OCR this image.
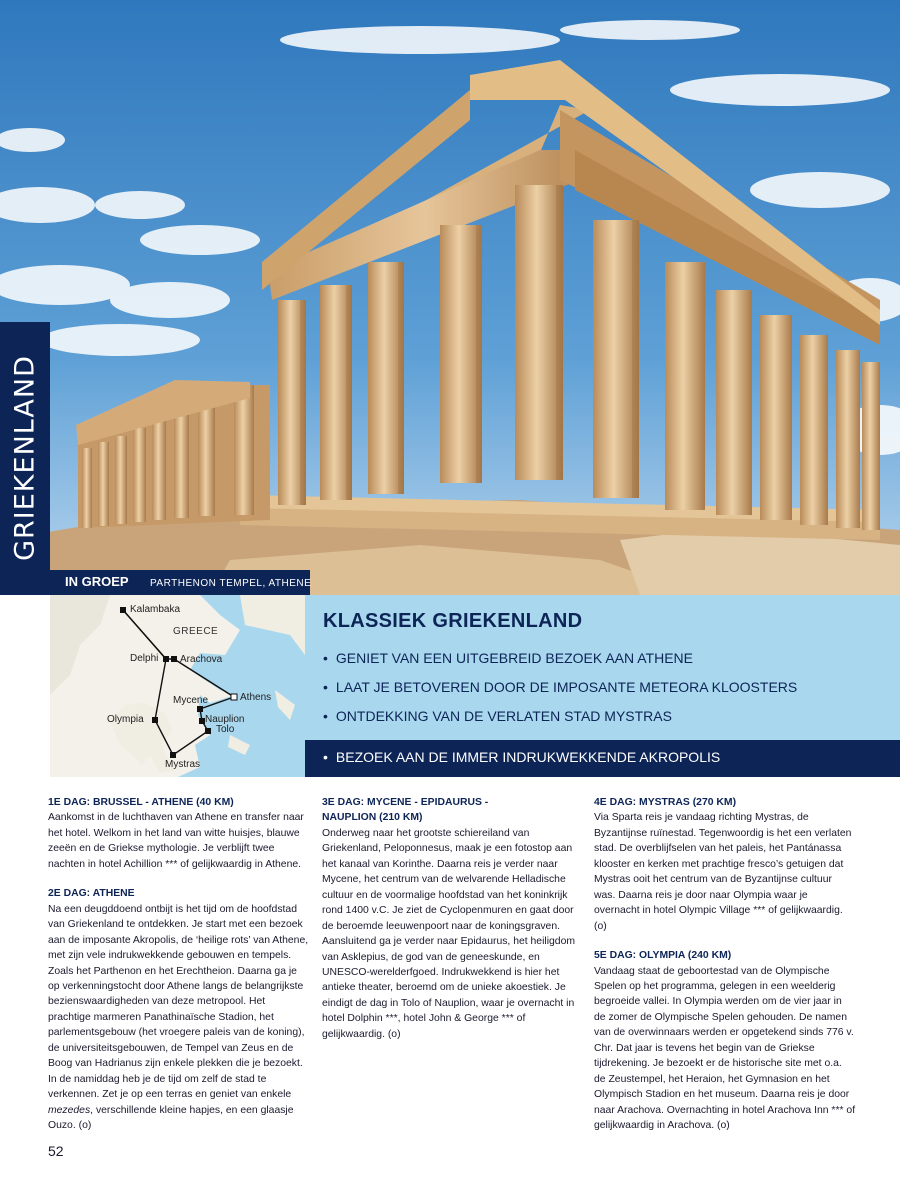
GRIEKENLAND
IN GROEP PARTHENON TEMPEL, ATHENE
Kalambaka
GREECE
Delphi Arachova
Athens
Mycene
Nauplion
Tolo
Olympia
Mystras
KLASSIEK GRIEKENLAND
• GENIET VAN EEN UITGEBREID BEZOEK AAN ATHENE
• LAAT JE BETOVEREN DOOR DE IMPOSANTE METEORA KLOOSTERS
• ONTDEKKING VAN DE VERLATEN STAD MYSTRAS
• BEZOEK AAN DE IMMER INDRUKWEKKENDE AKROPOLIS
1E DAG: BRUSSEL - ATHENE (40 KM)

Aankomst in de luchthaven van Athene en transfer naar het hotel. Welkom in het land van witte huisjes, blauwe zeeën en de Griekse mythologie. Je verblijft twee nachten in hotel Achillion *** of gelijkwaardig in Athene.

2E DAG: ATHENE

Na een deugddoend ontbijt is het tijd om de hoofdstad van Griekenland te ontdekken. Je start met een bezoek aan de imposante Akropolis, de ‘heilige rots’ van Athene, met zijn vele indrukwekkende gebouwen en tempels. Zoals het Parthenon en het Erechtheion. Daarna ga je op verkenningstocht door Athene langs de belangrijkste bezienswaardigheden van deze metropool. Het prachtige marmeren Panathinaïsche Stadion, het parlementsgebouw (het vroegere paleis van de koning), de universiteitsgebouwen, de Tempel van Zeus en de Boog van Hadrianus zijn enkele plekken die je bezoekt. In de namiddag heb je de tijd om zelf de stad te verkennen. Zet je op een terras en geniet van enkele mezedes, verschillende kleine hapjes, en een glaasje Ouzo. (o)

3E DAG: MYCENE - EPIDAURUS -
NAUPLION (210 KM)

Onderweg naar het grootste schiereiland van Griekenland, Peloponnesus, maak je een fotostop aan het kanaal van Korinthe. Daarna reis je verder naar Mycene, het centrum van de welvarende Helladische cultuur en de voormalige hoofdstad van het koninkrijk rond 1400 v.C. Je ziet de Cyclopenmuren en gaat door de beroemde leeuwenpoort naar de koningsgraven. Aansluitend ga je verder naar Epidaurus, het heiligdom van Asklepius, de god van de geneeskunde, en UNESCO-werelderfgoed. Indrukwekkend is hier het antieke theater, beroemd om de unieke akoestiek. Je eindigt de dag in Tolo of Nauplion, waar je overnacht in hotel Dolphin ***, hotel John & George *** of gelijkwaardig. (o)

4E DAG: MYSTRAS (270 KM)

Via Sparta reis je vandaag richting Mystras, de Byzantijnse ruïnestad. Tegenwoordig is het een verlaten stad. De overblijfselen van het paleis, het Pantánassa klooster en kerken met prachtige fresco’s getuigen dat Mystras ooit het centrum van de Byzantijnse cultuur was. Daarna reis je door naar Olympia waar je overnacht in hotel Olympic Village *** of gelijkwaardig. (o)

5E DAG: OLYMPIA (240 KM)

Vandaag staat de geboortestad van de Olympische Spelen op het programma, gelegen in een weelderig begroeide vallei. In Olympia werden om de vier jaar in de zomer de Olympische Spelen gehouden. De namen van de overwinnaars werden er opgetekend sinds 776 v. Chr. Dat jaar is tevens het begin van de Griekse tijdrekening. Je bezoekt er de historische site met o.a. de Zeustempel, het Heraion, het Gymnasion en het Olympisch Stadion en het museum. Daarna reis je door naar Arachova. Overnachting in hotel Arachova Inn *** of gelijkwaardig in Arachova. (o)

52
